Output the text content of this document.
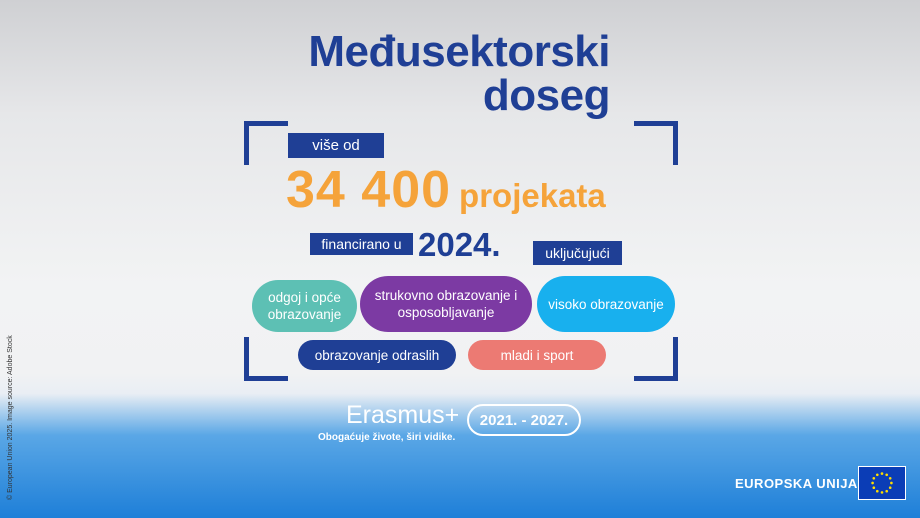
Međusektorski
doseg
više od
34 400 projekata
financirano u 2024.	uključujući
odgoj i opće obrazovanje
strukovno obrazovanje i osposobljavanje
visoko obrazovanje
obrazovanje odraslih	mladi i sport
Erasmus+
Obogaćuje živote, širi vidike.
2021. - 2027.
EUROPSKA UNIJA
© European Union 2025. Image source: Adobe Stock
